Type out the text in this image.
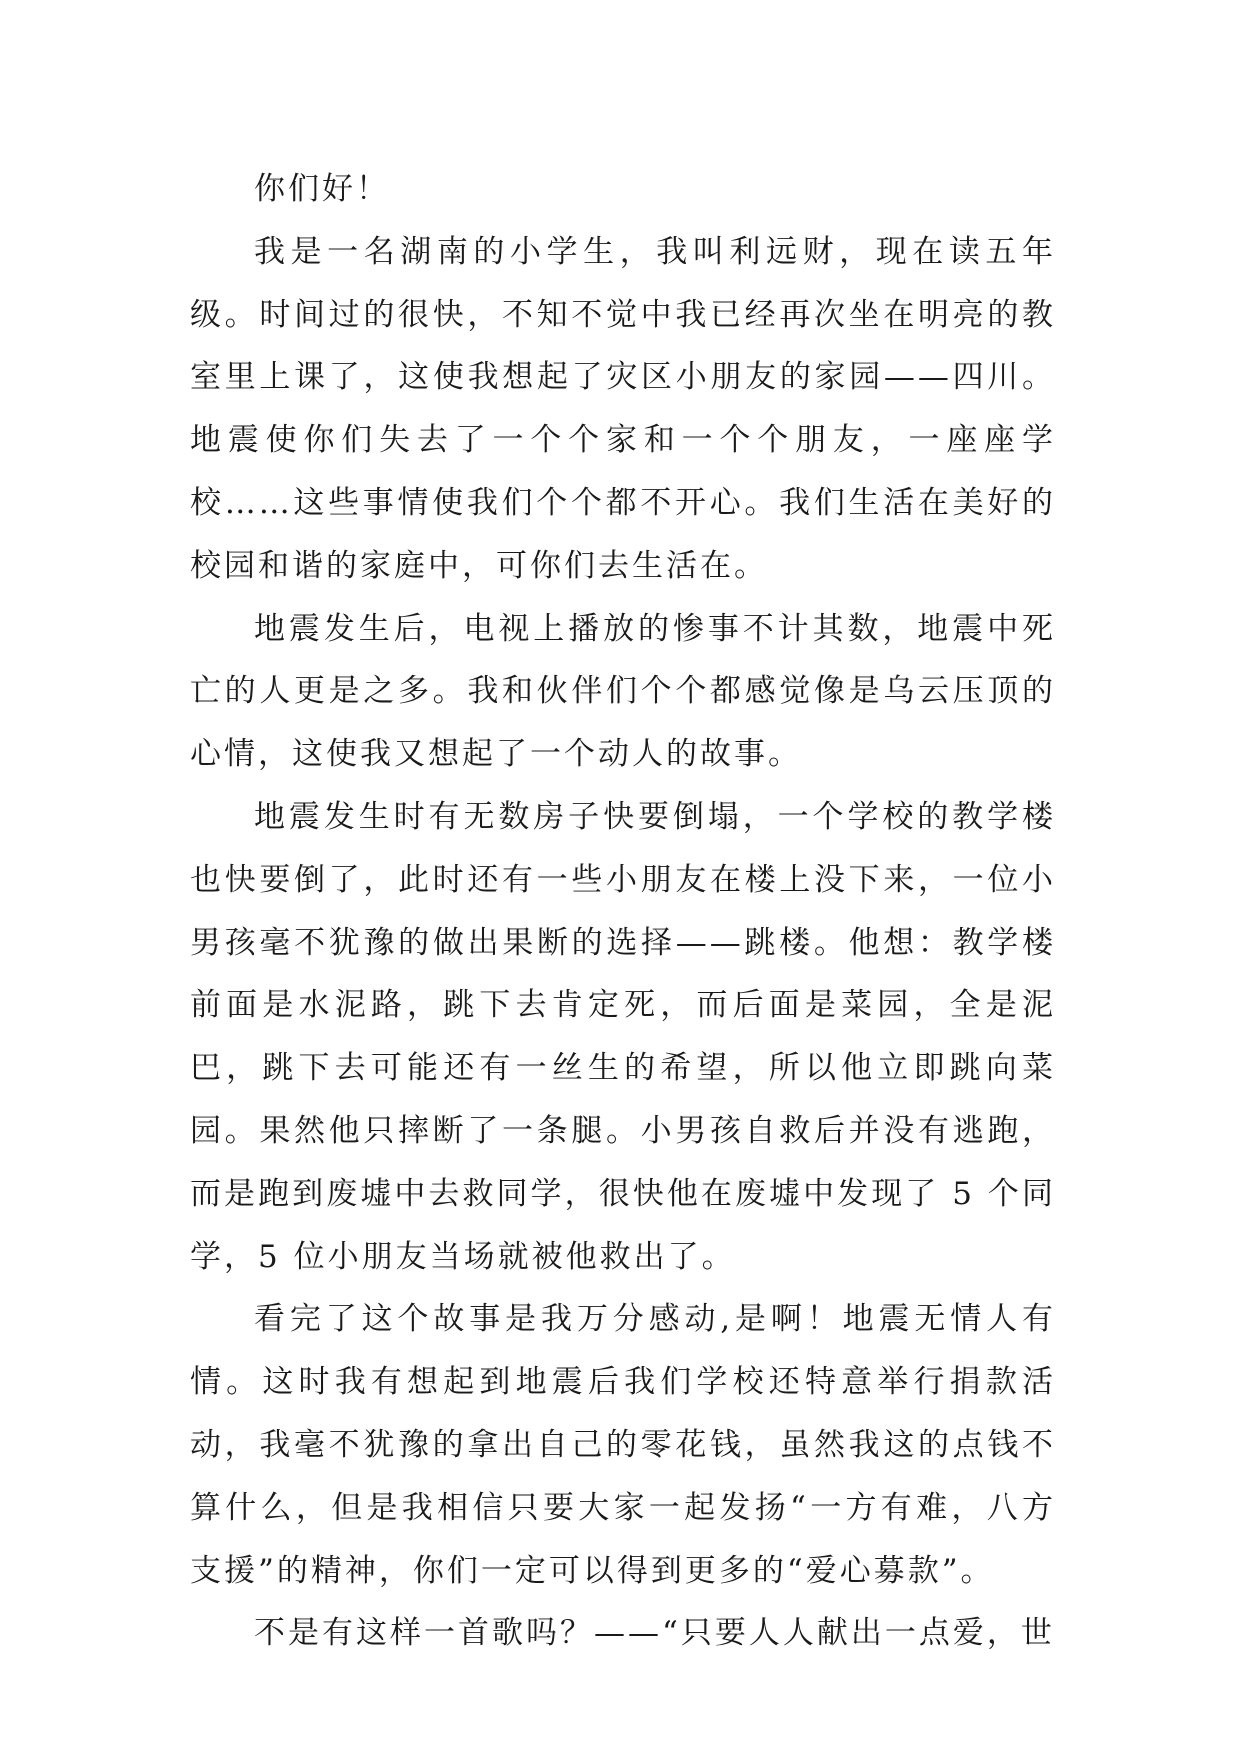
你们好！

我是一名湖南的小学生，我叫利远财，现在读五年级。时间过的很快，不知不觉中我已经再次坐在明亮的教室里上课了，这使我想起了灾区小朋友的家园——四川。地震使你们失去了一个个家和一个个朋友，一座座学校……这些事情使我们个个都不开心。我们生活在美好的校园和谐的家庭中，可你们去生活在。

地震发生后，电视上播放的惨事不计其数，地震中死亡的人更是之多。我和伙伴们个个都感觉像是乌云压顶的心情，这使我又想起了一个动人的故事。

地震发生时有无数房子快要倒塌，一个学校的教学楼也快要倒了，此时还有一些小朋友在楼上没下来，一位小男孩毫不犹豫的做出果断的选择——跳楼。他想：教学楼前面是水泥路，跳下去肯定死，而后面是菜园，全是泥巴，跳下去可能还有一丝生的希望，所以他立即跳向菜园。果然他只摔断了一条腿。小男孩自救后并没有逃跑，而是跑到废墟中去救同学，很快他在废墟中发现了 5 个同学，5 位小朋友当场就被他救出了。

看完了这个故事是我万分感动,是啊！地震无情人有情。这时我有想起到地震后我们学校还特意举行捐款活动，我毫不犹豫的拿出自己的零花钱，虽然我这的点钱不算什么，但是我相信只要大家一起发扬“一方有难，八方支援”的精神，你们一定可以得到更多的“爱心募款”。

不是有这样一首歌吗？——“只要人人献出一点爱，世
